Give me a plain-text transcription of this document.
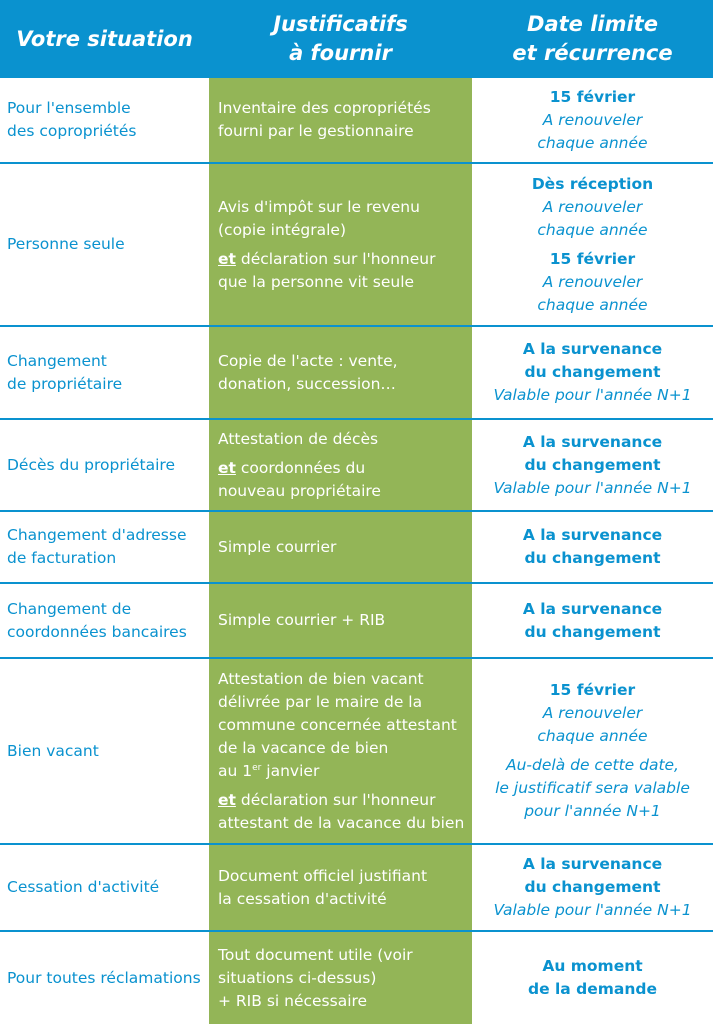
Votre situation
Justificatifs
à fournir
Date limite
et récurrence
Pour l'ensemble
des copropriétés
Inventaire des copropriétés
fourni par le gestionnaire
15 février
A renouveler
chaque année
Personne seule
Avis d'impôt sur le revenu
(copie intégrale)
et déclaration sur l'honneur
que la personne vit seule
Dès réception
A renouveler
chaque année
15 février
A renouveler
chaque année
Changement
de propriétaire
Copie de l'acte : vente,
donation, succession…
A la survenance
du changement
Valable pour l'année N+1
Décès du propriétaire
Attestation de décès
et coordonnées du
nouveau propriétaire
A la survenance
du changement
Valable pour l'année N+1
Changement d'adresse
de facturation
Simple courrier
A la survenance
du changement
Changement de
coordonnées bancaires
Simple courrier + RIB
A la survenance
du changement
Bien vacant
Attestation de bien vacant
délivrée par le maire de la
commune concernée attestant
de la vacance de bien
au 1er janvier
et déclaration sur l'honneur
attestant de la vacance du bien
15 février
A renouveler
chaque année
Au-delà de cette date,
le justificatif sera valable
pour l'année N+1
Cessation d'activité
Document officiel justifiant
la cessation d'activité
A la survenance
du changement
Valable pour l'année N+1
Pour toutes réclamations
Tout document utile (voir
situations ci-dessus)
+ RIB si nécessaire
Au moment
de la demande
